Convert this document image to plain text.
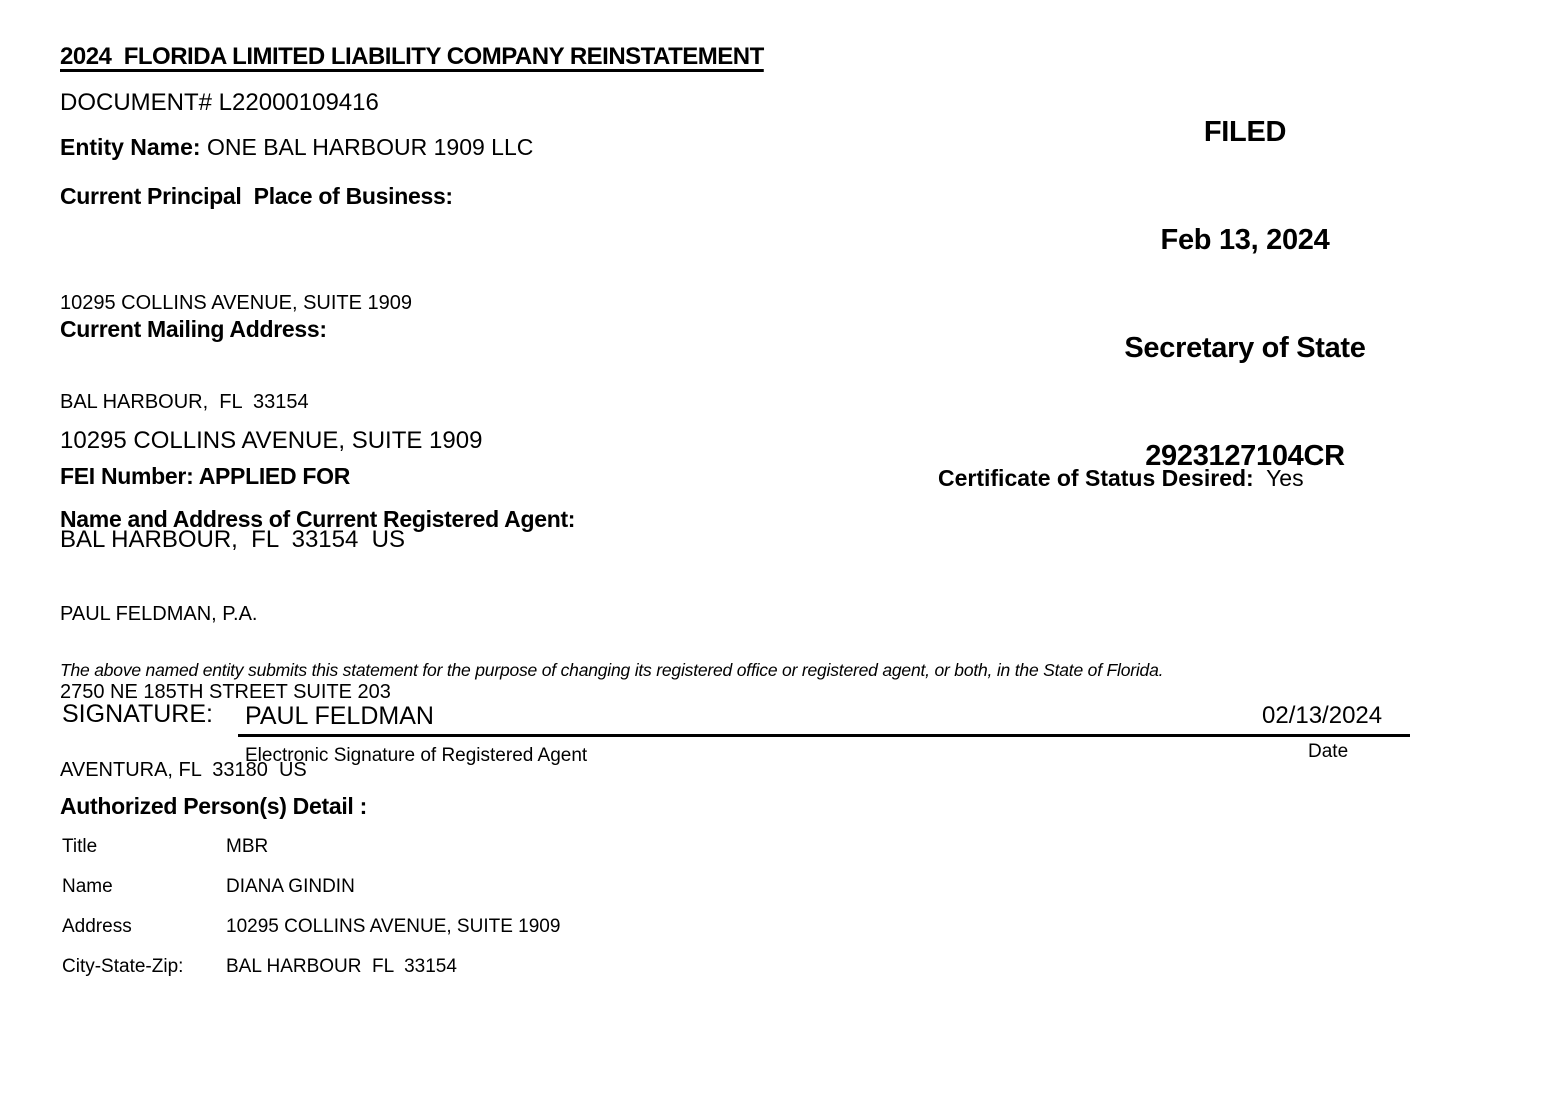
2024  FLORIDA LIMITED LIABILITY COMPANY REINSTATEMENT

FILED

Feb 13, 2024

Secretary of State

2923127104CR

DOCUMENT# L22000109416
Entity Name: ONE BAL HARBOUR 1909 LLC
Current Principal  Place of Business:

10295 COLLINS AVENUE, SUITE 1909

BAL HARBOUR,  FL  33154

Current Mailing Address:

10295 COLLINS AVENUE, SUITE 1909

BAL HARBOUR,  FL  33154  US

FEI Number: APPLIED FOR	Certificate of Status Desired: Yes
Name and Address of Current Registered Agent:

PAUL FELDMAN, P.A.

2750 NE 185TH STREET SUITE 203

AVENTURA, FL  33180  US

The above named entity submits this statement for the purpose of changing its registered office or registered agent, or both, in the State of Florida.
SIGNATURE: PAUL FELDMAN	02/13/2024
Electronic Signature of Registered Agent	Date
Authorized Person(s) Detail :
Title	MBR
Name	DIANA GINDIN
Address	10295 COLLINS AVENUE, SUITE 1909
City-State-Zip: BAL HARBOUR  FL  33154
